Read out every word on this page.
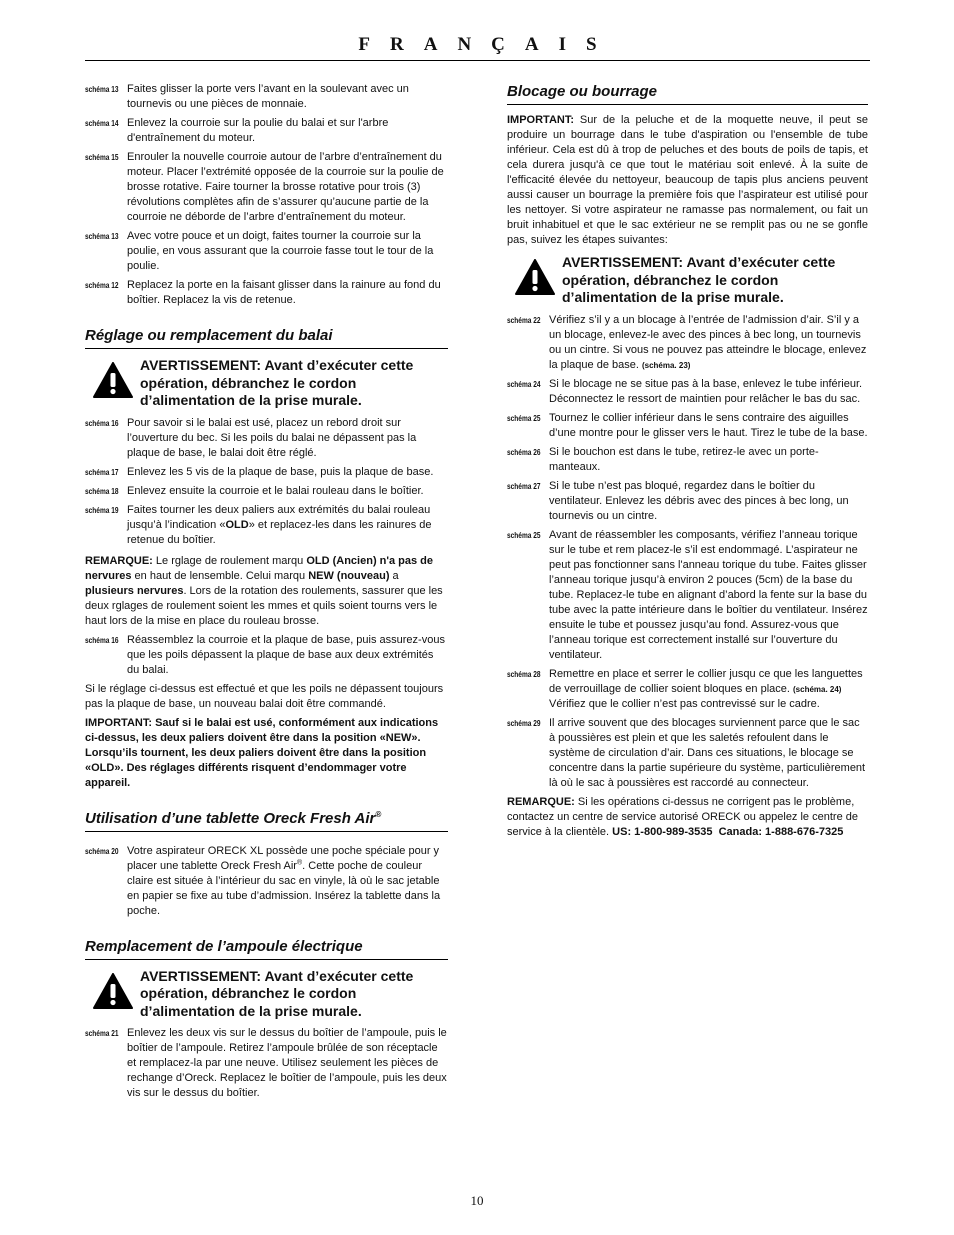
FRANÇAIS
schéma 13 Faites glisser la porte vers l’avant en la soulevant avec un tournevis ou une pièces de monnaie.
schéma 14 Enlevez la courroie sur la poulie du balai et sur l'arbre d'entraînement du moteur.
schéma 15 Enrouler la nouvelle courroie autour de l’arbre d’entraînement du moteur. Placer l’extrémité opposée de la courroie sur la poulie de brosse rotative. Faire tourner la brosse rotative pour trois (3) révolutions complètes afin de s’assurer qu’aucune partie de la courroie ne déborde de l’arbre d’entraînement du moteur.
schéma 13 Avec votre pouce et un doigt, faites tourner la courroie sur la poulie, en vous assurant que la courroie fasse tout le tour de la poulie.
schéma 12 Replacez la porte en la faisant glisser dans la rainure au fond du boîtier. Replacez la vis de retenue.
Réglage ou remplacement du balai
AVERTISSEMENT: Avant d’exécuter cette opération, débranchez le cordon d’alimentation de la prise murale.
schéma 16 Pour savoir si le balai est usé, placez un rebord droit sur l’ouverture du bec. Si les poils du balai ne dépassent pas la plaque de base, le balai doit être réglé.
schéma 17 Enlevez les 5 vis de la plaque de base, puis la plaque de base.
schéma 18 Enlevez ensuite la courroie et le balai rouleau dans le boîtier.
schéma 19 Faites tourner les deux paliers aux extrémités du balai rouleau jusqu’à l’indication «OLD» et replacez-les dans les rainures de retenue du boîtier.
REMARQUE: Le rglage de roulement marqu OLD (Ancien) n'a pas de nervures en haut de lensemble. Celui marqu NEW (nouveau) a plusieurs nervures. Lors de la rotation des roulements, sassurer que les deux rglages de roulement soient les mmes et quils soient tourns vers le haut lors de la mise en place du rouleau brosse.
schéma 16 Réassemblez la courroie et la plaque de base, puis assurez-vous que les poils dépassent la plaque de base aux deux extrémités du balai.
Si le réglage ci-dessus est effectué et que les poils ne dépassent toujours pas la plaque de base, un nouveau balai doit être commandé.
IMPORTANT: Sauf si le balai est usé, conformément aux indications ci-dessus, les deux paliers doivent être dans la position «NEW». Lorsqu’ils tournent, les deux paliers doivent être dans la position «OLD». Des réglages différents risquent d’endommager votre appareil.
Utilisation d’une tablette Oreck Fresh Air®
schéma 20 Votre aspirateur ORECK XL possède une poche spéciale pour y placer une tablette Oreck Fresh Air®. Cette poche de couleur claire est située à l’intérieur du sac en vinyle, là où le sac jetable en papier se fixe au tube d’admission. Insérez la tablette dans la poche.
Remplacement de l’ampoule électrique
AVERTISSEMENT: Avant d’exécuter cette opération, débranchez le cordon d’alimentation de la prise murale.
schéma 21 Enlevez les deux vis sur le dessus du boîtier de l’ampoule, puis le boîtier de l’ampoule. Retirez l’ampoule brûlée de son réceptacle et remplacez-la par une neuve. Utilisez seulement les pièces de rechange d’Oreck. Replacez le boîtier de l’ampoule, puis les deux vis sur le dessus du boîtier.
Blocage ou bourrage
IMPORTANT: Sur de la peluche et de la moquette neuve, il peut se produire un bourrage dans le tube d'aspiration ou l'ensemble de tube inférieur. Cela est dû à trop de peluches et des bouts de poils de tapis, et cela durera jusqu'à ce que tout le matériau soit enlevé. À la suite de l'efficacité élevée du nettoyeur, beaucoup de tapis plus anciens peuvent aussi causer un bourrage la première fois que l’aspirateur est utilisé pour les nettoyer. Si votre aspirateur ne ramasse pas normalement, ou fait un bruit inhabituel et que le sac extérieur ne se remplit pas ou ne se gonfle pas, suivez les étapes suivantes:
AVERTISSEMENT: Avant d’exécuter cette opération, débranchez le cordon d’alimentation de la prise murale.
schéma 22 Vérifiez s’il y a un blocage à l’entrée de l’admission d’air. S’il y a un blocage, enlevez-le avec des pinces à bec long, un tournevis ou un cintre. Si vous ne pouvez pas atteindre le blocage, enlevez la plaque de base. (schéma. 23)
schéma 24 Si le blocage ne se situe pas à la base, enlevez le tube inférieur. Déconnectez le ressort de maintien pour relâcher le bas du sac.
schéma 25 Tournez le collier inférieur dans le sens contraire des aiguilles d’une montre pour le glisser vers le haut. Tirez le tube de la base.
schéma 26 Si le bouchon est dans le tube, retirez-le avec un porte-manteaux.
schéma 27 Si le tube n’est pas bloqué, regardez dans le boîtier du ventilateur. Enlevez les débris avec des pinces à bec long, un tournevis ou un cintre.
schéma 25 Avant de réassembler les composants, vérifiez l’anneau torique sur le tube et rem placez-le s’il est endommagé. L’aspirateur ne peut pas fonctionner sans l'anneau torique du tube. Faites glisser l’anneau torique jusqu’à environ 2 pouces (5cm) de la base du tube. Replacez-le tube en alignant d’abord la fente sur la base du tube avec la patte intérieure dans le boîtier du ventilateur. Insérez ensuite le tube et poussez jusqu’au fond. Assurez-vous que l’anneau torique est correctement installé sur l’ouverture du ventilateur.
schéma 28 Remettre en place et serrer le collier jusqu ce que les languettes de verrouillage de collier soient bloques en place. (schéma. 24) Vérifiez que le collier n’est pas contrevissé sur le cadre.
schéma 29 Il arrive souvent que des blocages surviennent parce que le sac à poussières est plein et que les saletés refoulent dans le système de circulation d’air. Dans ces situations, le blocage se concentre dans la partie supérieure du système, particulièrement là où le sac à poussières est raccordé au connecteur.
REMARQUE: Si les opérations ci-dessus ne corrigent pas le problème, contactez un centre de service autorisé ORECK ou appelez le centre de service à la clientèle. US: 1-800-989-3535 Canada: 1-888-676-7325
10
